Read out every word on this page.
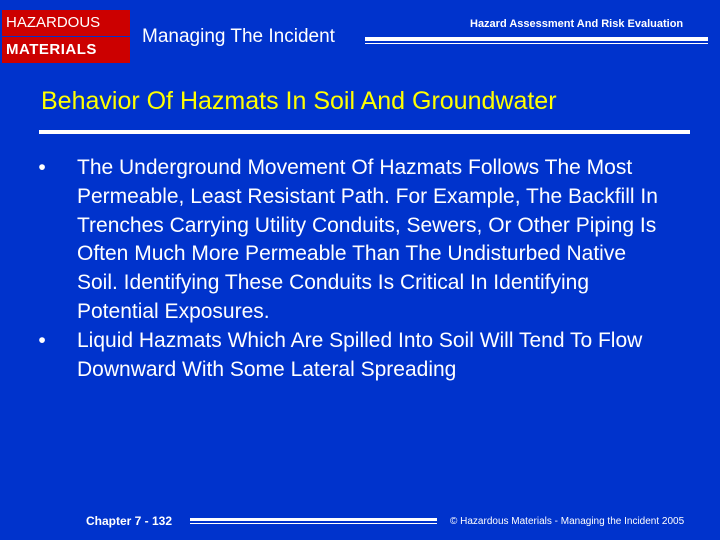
HAZARDOUS
MATERIALS
Managing The Incident
Hazard Assessment And Risk Evaluation
Behavior Of Hazmats In Soil And Groundwater
•	The Underground Movement Of Hazmats Follows The Most Permeable, Least Resistant Path. For Example, The Backfill In Trenches Carrying Utility Conduits, Sewers, Or Other Piping Is Often Much More Permeable Than The Undisturbed Native Soil. Identifying These Conduits Is Critical In Identifying Potential Exposures.
•	Liquid Hazmats Which Are Spilled Into Soil Will Tend To Flow Downward With Some Lateral Spreading
Chapter 7 - 132	© Hazardous Materials - Managing the Incident 2005
